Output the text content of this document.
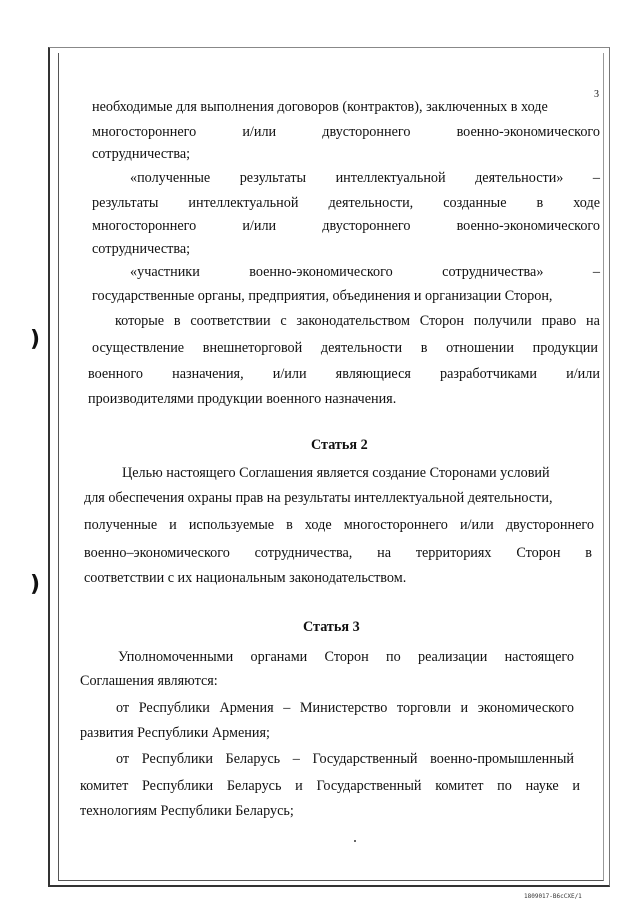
3
)
)
необходимые для выполнения договоров (контрактов), заключенных в ходе
многостороннего	и/или	двустороннего	военно-экономического
сотрудничества;
«полученные результаты интеллектуальной деятельности» –
результаты интеллектуальной деятельности, созданные в ходе
многостороннего	и/или	двустороннего	военно-экономического
сотрудничества;
«участники	военно-экономического	сотрудничества»	–
государственные органы, предприятия, объединения и организации Сторон,
которые в соответствии с законодательством Сторон получили право на
осуществление внешнеторговой деятельности в отношении продукции
военного назначения, и/или являющиеся разработчиками и/или
производителями продукции военного назначения.
Статья 2
Целью настоящего Соглашения является создание Сторонами условий
для обеспечения охраны прав на результаты интеллектуальной деятельности,
полученные и используемые в ходе многостороннего и/или двустороннего
военно–экономического сотрудничества, на территориях Сторон в
соответствии с их национальным законодательством.
Статья 3
Уполномоченными органами Сторон по реализации настоящего
Соглашения являются:
от Республики Армения – Министерство торговли и экономического
развития Республики Армения;
от Республики Беларусь – Государственный военно-промышленный
комитет Республики Беларусь и Государственный комитет по науке и
технологиям Республики Беларусь;
1809017-B6сСХЕ/1
